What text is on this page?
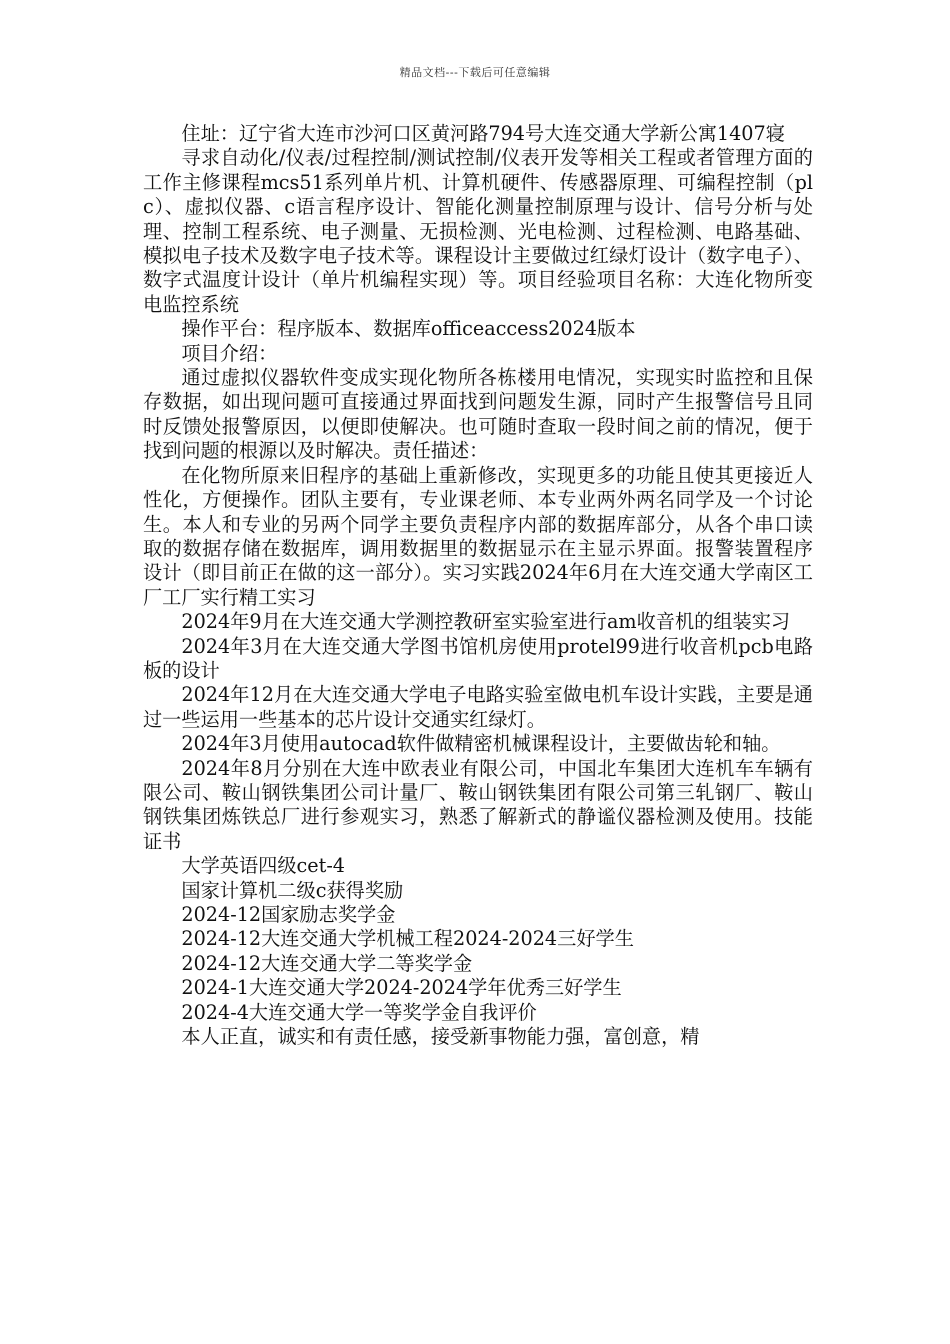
精品文档---下载后可任意编辑

住址：辽宁省大连市沙河口区黄河路794号大连交通大学新公寓1407寝

寻求自动化/仪表/过程控制/测试控制/仪表开发等相关工程或者管理方面的工作主修课程mcs51系列单片机、计算机硬件、传感器原理、可编程控制（plc）、虚拟仪器、c语言程序设计、智能化测量控制原理与设计、信号分析与处理、控制工程系统、电子测量、无损检测、光电检测、过程检测、电路基础、模拟电子技术及数字电子技术等。课程设计主要做过红绿灯设计（数字电子）、数字式温度计设计（单片机编程实现）等。项目经验项目名称：大连化物所变电监控系统

操作平台：程序版本、数据库officeaccess2024版本

项目介绍：

通过虚拟仪器软件变成实现化物所各栋楼用电情况，实现实时监控和且保存数据，如出现问题可直接通过界面找到问题发生源，同时产生报警信号且同时反馈处报警原因，以便即使解决。也可随时查取一段时间之前的情况，便于找到问题的根源以及时解决。责任描述：

在化物所原来旧程序的基础上重新修改，实现更多的功能且使其更接近人性化，方便操作。团队主要有，专业课老师、本专业两外两名同学及一个讨论生。本人和专业的另两个同学主要负责程序内部的数据库部分，从各个串口读取的数据存储在数据库，调用数据里的数据显示在主显示界面。报警装置程序设计（即目前正在做的这一部分）。实习实践2024年6月在大连交通大学南区工厂工厂实行精工实习

2024年9月在大连交通大学测控教研室实验室进行am收音机的组装实习

2024年3月在大连交通大学图书馆机房使用protel99进行收音机pcb电路板的设计

2024年12月在大连交通大学电子电路实验室做电机车设计实践，主要是通过一些运用一些基本的芯片设计交通实红绿灯。

2024年3月使用autocad软件做精密机械课程设计，主要做齿轮和轴。

2024年8月分别在大连中欧表业有限公司，中国北车集团大连机车车辆有限公司、鞍山钢铁集团公司计量厂、鞍山钢铁集团有限公司第三轧钢厂、鞍山钢铁集团炼铁总厂进行参观实习，熟悉了解新式的静谧仪器检测及使用。技能证书

大学英语四级cet-4

国家计算机二级c获得奖励

2024-12国家励志奖学金

2024-12大连交通大学机械工程2024-2024三好学生

2024-12大连交通大学二等奖学金

2024-1大连交通大学2024-2024学年优秀三好学生

2024-4大连交通大学一等奖学金自我评价

本人正直，诚实和有责任感，接受新事物能力强，富创意，精
